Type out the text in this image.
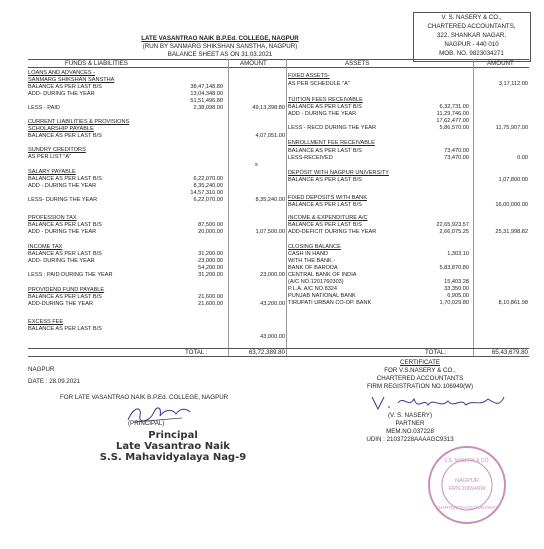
V. S. NASERY & CO.,
CHARTERED ACCOUNTANTS,
322, SHANKAR NAGAR,
NAGPUR - 440 010
MOB. NO. 9823034271
LATE VASANTRAO NAIK B.P.Ed. COLLEGE, NAGPUR
(RUN BY SANMARG SHIKSHAN SANSTHA, NAGPUR)
BALANCE SHEET AS ON 31.03.2021
FUNDS & LIABILITIES	AMOUNT	ASSETS	AMOUNT
LOANS AND ADVANCES -
SANMARG SHIKSHAN SANSTHA
BALANCE AS PER LAST B/S	38,47,148.80
ADD- DURING THE YEAR	13,04,348.00
51,51,496.80
LESS - PAID	2,38,098.00	49,13,398.80
CURRENT LIABILITIES & PROVISIONS
SCHOLARSHIP PAYABLE
BALANCE AS PER LAST B/S	4,07,051.00
SUNDRY CREDITORS
AS PER LIST "A"
SALARY PAYABLE
BALANCE AS PER LAST B/S	6,22,070.00
ADD - DURING THE YEAR	8,35,240.00
14,57,310.00
LESS- DURING THE YEAR	6,22,070.00	8,35,240.00
PROFESSION TAX
BALANCE AS PER LAST B/S	87,500.00
ADD - DURING THE YEAR	20,000.00	1,07,500.00
INCOME TAX
BALANCE AS PER LAST B/S	31,200.00
ADD- DURING THE YEAR	23,000.00
54,200.00
LESS : PAID DURING THE YEAR	31,200.00	23,000.00
PROVIDEND FUND PAYABLE
BALANCE AS PER LAST B/S	21,600.00
ADD-DURING THE YEAR	21,600.00	43,200.00
EXCESS FEE
BALANCE AS PER LAST B/S
43,000.00
FIXED ASSETS-
AS PER SCHEDULE "A"	3,17,112.00
TUITION FEES RECEIVABLE
BALANCE AS PER LAST B/S	6,32,731.00
ADD - DURING THE YEAR	11,29,746.00
17,62,477.00
LESS - RECD DURING THE YEAR	5,86,570.00	11,75,907.00
ENROLLMENT FEE RECEIVABLE
BALANCE AS PER LAST B/S	73,470.00
LESS-RECEIVED	73,470.00	0.00
DEPOSIT WITH NAGPUR UNIVERSITY
BALANCE AS PER LAST B/S	1,07,800.00
FIXED DEPOSITS WITH BANK
BALANCE AS PER LAST B/S	16,00,000.00
INCOME & EXPENDITURE A/C
BALANCE AS PER LAST B/S	22,65,923.57
ADD-DEFICIT DURING THE YEAR	2,66,075.25	25,31,998.82
CLOSING BALANCE
CASH IN HAND	1,303.10
WITH THE BANK -
BANK OF BARODA	5,83,870.80
CENTRAL BANK OF INDIA
(A/C NO.1201760303)	15,403.28
P.L.A. A/C NO.8324	33,350.00
PUNJAB NATIONAL BANK	6,905.00
TIRUPATI URBAN CO-OP. BANK	1,70,029.80	8,10,861.98
s
TOTAL :	63,72,389.80	TOTAL:	65,43,679.80
NAGPUR
DATE : 28.09.2021
FOR LATE VASANTRAO NAIK B.P.Ed. COLLEGE, NAGPUR
(PRINCIPAL)
Principal
Late Vasantrao Naik
S.S. Mahavidyalaya Nag-9
CERTIFICATE
FOR V.S.NASERY & CO.,
CHARTERED ACCOUNTANTS
FIRM REGISTRATION NO.106949(W)
(V. S. NASERY)
PARTNER
MEM.NO.037228
UDIN : 21037228AAAAGC9313
V.S. NASERY & CO.
NAGPUR
FRN.106949W
CHARTERED ACCOUNTANTS
